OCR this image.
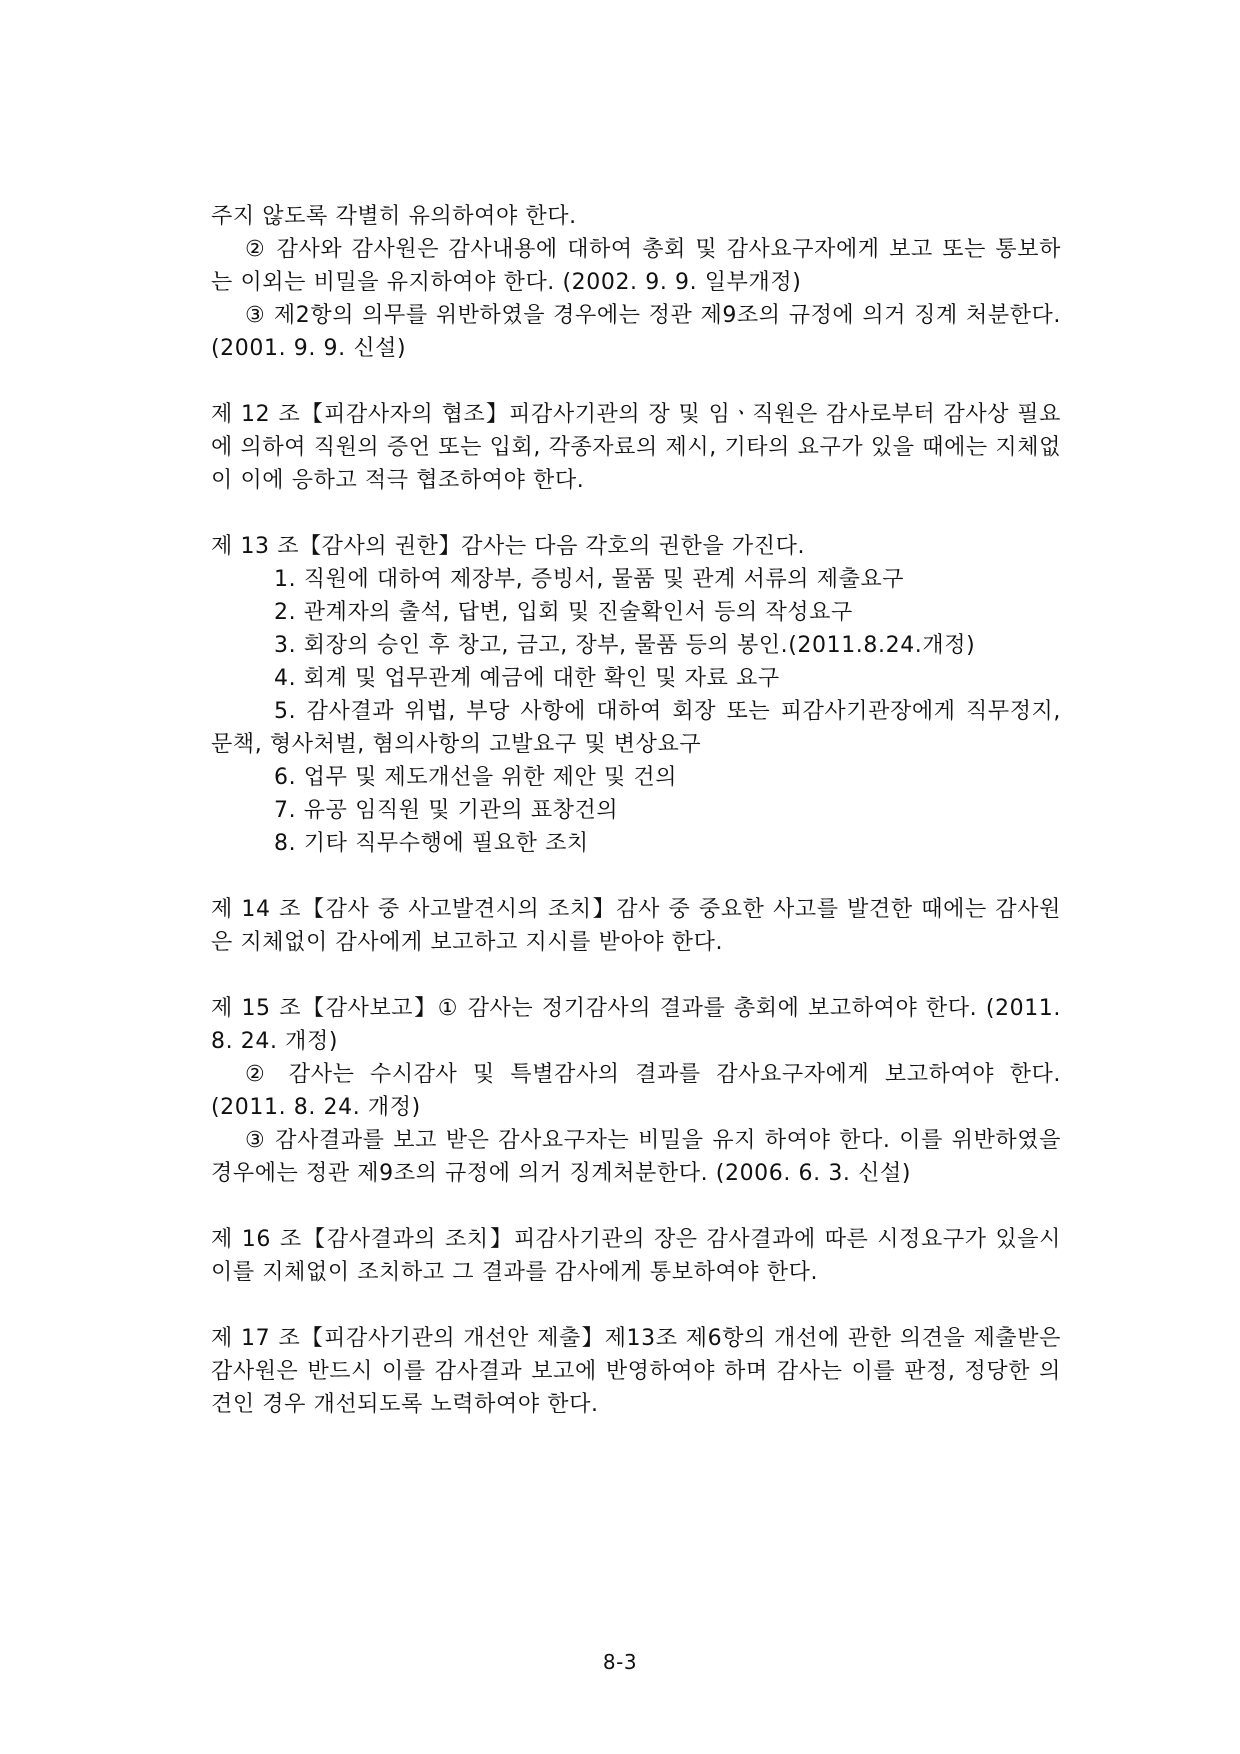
주지 않도록 각별히 유의하여야 한다.

② 감사와 감사원은 감사내용에 대하여 총회 및 감사요구자에게 보고 또는 통보하는 이외는 비밀을 유지하여야 한다. (2002. 9. 9. 일부개정)

③ 제2항의 의무를 위반하였을 경우에는 정관 제9조의 규정에 의거 징계 처분한다. (2001. 9. 9. 신설)

제 12 조【피감사자의 협조】피감사기관의 장 및 임ㆍ직원은 감사로부터 감사상 필요에 의하여 직원의 증언 또는 입회, 각종자료의 제시, 기타의 요구가 있을 때에는 지체없이 이에 응하고 적극 협조하여야 한다.

제 13 조【감사의 권한】감사는 다음 각호의 권한을 가진다.

1. 직원에 대하여 제장부, 증빙서, 물품 및 관계 서류의 제출요구

2. 관계자의 출석, 답변, 입회 및 진술확인서 등의 작성요구

3. 회장의 승인 후 창고, 금고, 장부, 물품 등의 봉인.(2011.8.24.개정)

4. 회계 및 업무관계 예금에 대한 확인 및 자료 요구

5. 감사결과 위법, 부당 사항에 대하여 회장 또는 피감사기관장에게 직무정지, 문책, 형사처벌, 혐의사항의 고발요구 및 변상요구

6. 업무 및 제도개선을 위한 제안 및 건의

7. 유공 임직원 및 기관의 표창건의

8. 기타 직무수행에 필요한 조치

제 14 조【감사 중 사고발견시의 조치】감사 중 중요한 사고를 발견한 때에는 감사원은 지체없이 감사에게 보고하고 지시를 받아야 한다.

제 15 조【감사보고】① 감사는 정기감사의 결과를 총회에 보고하여야 한다. (2011. 8. 24. 개정)

② 감사는 수시감사 및 특별감사의 결과를 감사요구자에게 보고하여야 한다. (2011. 8. 24. 개정)

③ 감사결과를 보고 받은 감사요구자는 비밀을 유지 하여야 한다. 이를 위반하였을 경우에는 정관 제9조의 규정에 의거 징계처분한다. (2006. 6. 3. 신설)

제 16 조【감사결과의 조치】피감사기관의 장은 감사결과에 따른 시정요구가 있을시 이를 지체없이 조치하고 그 결과를 감사에게 통보하여야 한다.

제 17 조【피감사기관의 개선안 제출】제13조 제6항의 개선에 관한 의견을 제출받은 감사원은 반드시 이를 감사결과 보고에 반영하여야 하며 감사는 이를 판정, 정당한 의견인 경우 개선되도록 노력하여야 한다.

8-3
